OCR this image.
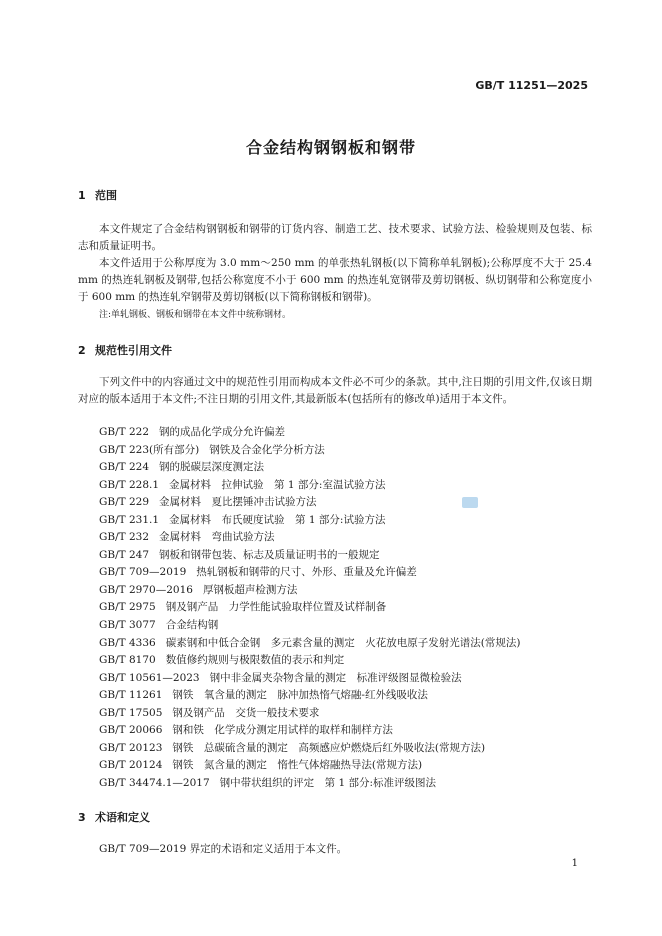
GB/T 11251—2025
合金结构钢钢板和钢带
1 范围

本文件规定了合金结构钢钢板和钢带的订货内容、制造工艺、技术要求、试验方法、检验规则及包装、标志和质量证明书。

本文件适用于公称厚度为 3.0 mm～250 mm 的单张热轧钢板(以下简称单轧钢板);公称厚度不大于 25.4 mm 的热连轧钢板及钢带,包括公称宽度不小于 600 mm 的热连轧宽钢带及剪切钢板、纵切钢带和公称宽度小于 600 mm 的热连轧窄钢带及剪切钢板(以下简称钢板和钢带)。

注:单轧钢板、钢板和钢带在本文件中统称钢材。
2 规范性引用文件

下列文件中的内容通过文中的规范性引用而构成本文件必不可少的条款。其中,注日期的引用文件,仅该日期对应的版本适用于本文件;不注日期的引用文件,其最新版本(包括所有的修改单)适用于本文件。

GB/T 222 钢的成品化学成分允许偏差
GB/T 223(所有部分) 钢铁及合金化学分析方法
GB/T 224 钢的脱碳层深度测定法
GB/T 228.1 金属材料　拉伸试验　第 1 部分:室温试验方法
GB/T 229 金属材料　夏比摆锤冲击试验方法
GB/T 231.1 金属材料　布氏硬度试验　第 1 部分:试验方法
GB/T 232 金属材料　弯曲试验方法
GB/T 247 钢板和钢带包装、标志及质量证明书的一般规定
GB/T 709—2019 热轧钢板和钢带的尺寸、外形、重量及允许偏差
GB/T 2970—2016 厚钢板超声检测方法
GB/T 2975 钢及钢产品　力学性能试验取样位置及试样制备
GB/T 3077 合金结构钢
GB/T 4336 碳素钢和中低合金钢　多元素含量的测定　火花放电原子发射光谱法(常规法)
GB/T 8170 数值修约规则与极限数值的表示和判定
GB/T 10561—2023 钢中非金属夹杂物含量的测定　标准评级图显微检验法
GB/T 11261 钢铁　氧含量的测定　脉冲加热惰气熔融-红外线吸收法
GB/T 17505 钢及钢产品　交货一般技术要求
GB/T 20066 钢和铁　化学成分测定用试样的取样和制样方法
GB/T 20123 钢铁　总碳硫含量的测定　高频感应炉燃烧后红外吸收法(常规方法)
GB/T 20124 钢铁　氮含量的测定　惰性气体熔融热导法(常规方法)
GB/T 34474.1—2017 钢中带状组织的评定　第 1 部分:标准评级图法
3 术语和定义
GB/T 709—2019 界定的术语和定义适用于本文件。
1
